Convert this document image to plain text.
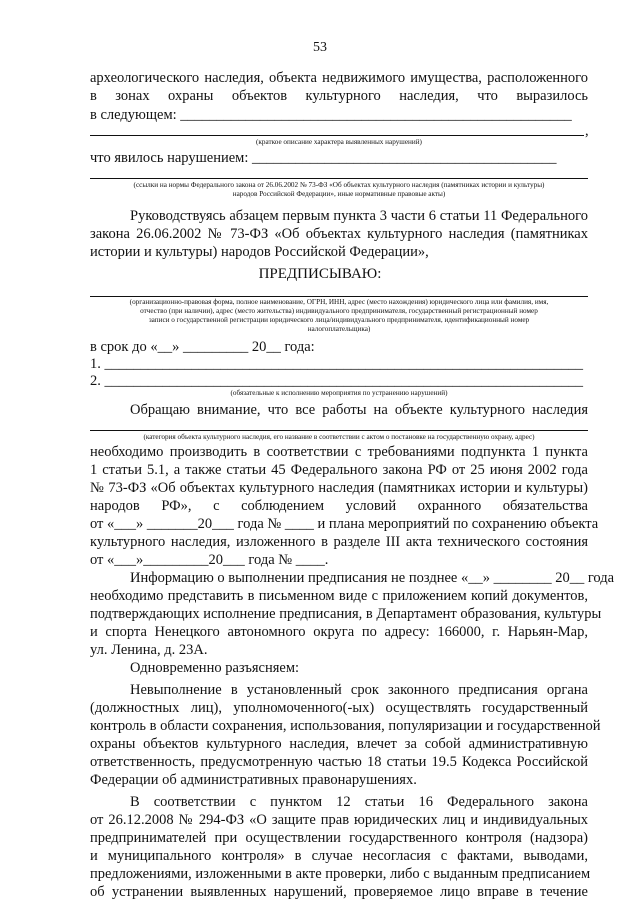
53
археологического наследия, объекта недвижимого имущества, расположенного
в зонах охраны объектов культурного наследия, что выразилось
в следующем: ______________________________________________________
,
(краткое описание характера выявленных нарушений)
что явилось нарушением: __________________________________________
(ссылки на нормы Федерального закона от 26.06.2002 № 73-ФЗ «Об объектах культурного наследия (памятниках истории и культуры)
народов Российской Федерации», иные нормативные правовые акты)
Руководствуясь абзацем первым пункта 3 части 6 статьи 11 Федерального
закона 26.06.2002 № 73-ФЗ «Об объектах культурного наследия (памятниках
истории и культуры) народов Российской Федерации»,
ПРЕДПИСЫВАЮ:
(организационно-правовая форма, полное наименование, ОГРН, ИНН, адрес (место нахождения) юридического лица или фамилия, имя,
отчество (при наличии), адрес (место жительства) индивидуального предпринимателя, государственный регистрационный номер
записи о государственной регистрации юридического лица/индивидуального предпринимателя, идентификационный номер
налогоплательщика)
в срок до «__» _________ 20__ года:
1. __________________________________________________________________
2. __________________________________________________________________
(обязательные к исполнению мероприятия по устранению нарушений)
Обращаю внимание, что все работы на объекте культурного наследия
(категория объекта культурного наследия, его название в соответствии с актом о постановке на государственную охрану, адрес)
необходимо производить в соответствии с требованиями подпункта 1 пункта
1 статьи 5.1, а также статьи 45 Федерального закона РФ от 25 июня 2002 года
№ 73-ФЗ «Об объектах культурного наследия (памятниках истории и культуры)
народов РФ», с соблюдением условий охранного обязательства
от «___» _______20___ года № ____ и плана мероприятий по сохранению объекта
культурного наследия, изложенного в разделе III акта технического состояния
от «___»_________20___ года № ____.
Информацию о выполнении предписания не позднее «__» ________ 20__ года
необходимо представить в письменном виде с приложением копий документов,
подтверждающих исполнение предписания, в Департамент образования, культуры
и спорта Ненецкого автономного округа по адресу: 166000, г. Нарьян-Мар,
ул. Ленина, д. 23А.
Одновременно разъясняем:
Невыполнение в установленный срок законного предписания органа
(должностных лиц), уполномоченного(-ых) осуществлять государственный
контроль в области сохранения, использования, популяризации и государственной
охраны объектов культурного наследия, влечет за собой административную
ответственность, предусмотренную частью 18 статьи 19.5 Кодекса Российской
Федерации об административных правонарушениях.
В соответствии с пунктом 12 статьи 16 Федерального закона
от 26.12.2008 № 294-ФЗ «О защите прав юридических лиц и индивидуальных
предпринимателей при осуществлении государственного контроля (надзора)
и муниципального контроля» в случае несогласия с фактами, выводами,
предложениями, изложенными в акте проверки, либо с выданным предписанием
об устранении выявленных нарушений, проверяемое лицо вправе в течение
